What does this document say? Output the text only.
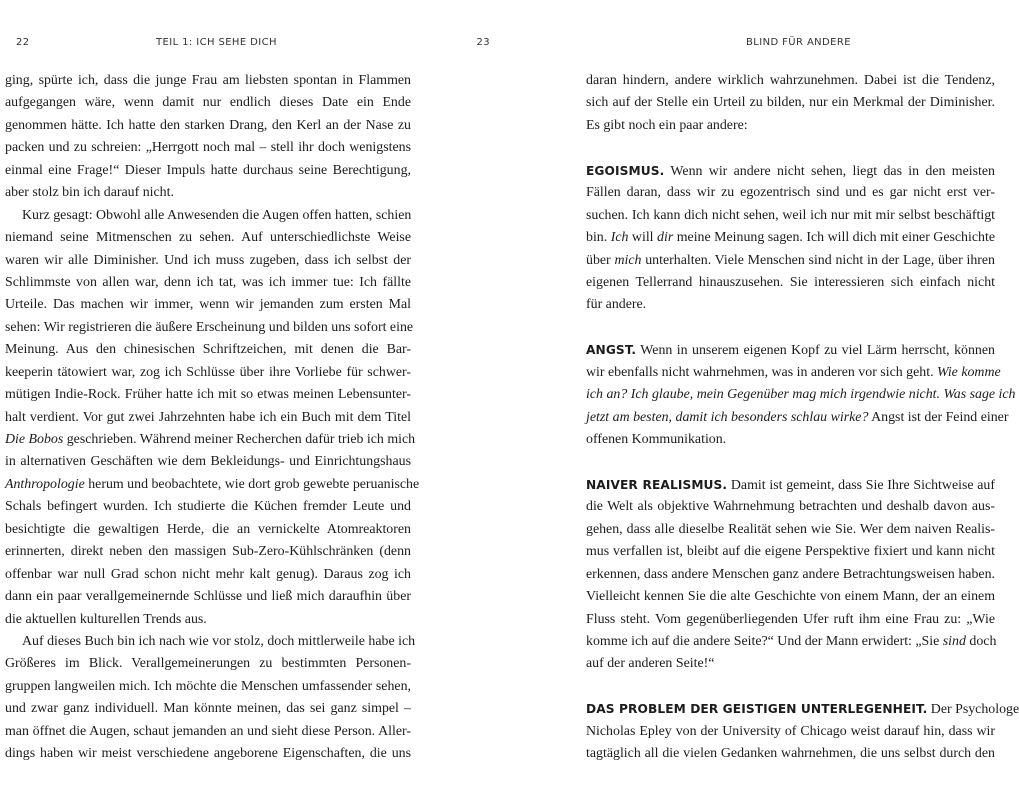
22	TEIL 1: ICH SEHE DICH
ging, spürte ich, dass die junge Frau am liebsten spontan in Flammen
aufgegangen wäre, wenn damit nur endlich dieses Date ein Ende
genommen hätte. Ich hatte den starken Drang, den Kerl an der Nase zu
packen und zu schreien: „Herrgott noch mal – stell ihr doch wenigstens
einmal eine Frage!“ Dieser Impuls hatte durchaus seine Berechtigung,
aber stolz bin ich darauf nicht.
Kurz gesagt: Obwohl alle Anwesenden die Augen offen hatten, schien
niemand seine Mitmenschen zu sehen. Auf unterschiedlichste Weise
waren wir alle Diminisher. Und ich muss zugeben, dass ich selbst der
Schlimmste von allen war, denn ich tat, was ich immer tue: Ich fällte
Urteile. Das machen wir immer, wenn wir jemanden zum ersten Mal
sehen: Wir registrieren die äußere Erscheinung und bilden uns sofort eine
Meinung. Aus den chinesischen Schriftzeichen, mit denen die Bar-
keeperin tätowiert war, zog ich Schlüsse über ihre Vorliebe für schwer-
mütigen Indie-Rock. Früher hatte ich mit so etwas meinen Lebensunter-
halt verdient. Vor gut zwei Jahrzehnten habe ich ein Buch mit dem Titel
Die Bobos geschrieben. Während meiner Recherchen dafür trieb ich mich
in alternativen Geschäften wie dem Bekleidungs- und Einrichtungshaus
Anthropologie herum und beobachtete, wie dort grob gewebte peruanische
Schals befingert wurden. Ich studierte die Küchen fremder Leute und
besichtigte die gewaltigen Herde, die an vernickelte Atomreaktoren
erinnerten, direkt neben den massigen Sub-Zero-Kühlschränken (denn
offenbar war null Grad schon nicht mehr kalt genug). Daraus zog ich
dann ein paar verallgemeinernde Schlüsse und ließ mich daraufhin über
die aktuellen kulturellen Trends aus.
Auf dieses Buch bin ich nach wie vor stolz, doch mittlerweile habe ich
Größeres im Blick. Verallgemeinerungen zu bestimmten Personen-
gruppen langweilen mich. Ich möchte die Menschen umfassender sehen,
und zwar ganz individuell. Man könnte meinen, das sei ganz simpel –
man öffnet die Augen, schaut jemanden an und sieht diese Person. Aller-
dings haben wir meist verschiedene angeborene Eigenschaften, die uns
BLIND FÜR ANDERE
23
daran hindern, andere wirklich wahrzunehmen. Dabei ist die Tendenz,
sich auf der Stelle ein Urteil zu bilden, nur ein Merkmal der Diminisher.
Es gibt noch ein paar andere:
EGOISMUS. Wenn wir andere nicht sehen, liegt das in den meisten
Fällen daran, dass wir zu egozentrisch sind und es gar nicht erst ver-
suchen. Ich kann dich nicht sehen, weil ich nur mit mir selbst beschäftigt
bin. Ich will dir meine Meinung sagen. Ich will dich mit einer Geschichte
über mich unterhalten. Viele Menschen sind nicht in der Lage, über ihren
eigenen Tellerrand hinauszusehen. Sie interessieren sich einfach nicht
für andere.
ANGST. Wenn in unserem eigenen Kopf zu viel Lärm herrscht, können
wir ebenfalls nicht wahrnehmen, was in anderen vor sich geht. Wie komme
ich an? Ich glaube, mein Gegenüber mag mich irgendwie nicht. Was sage ich
jetzt am besten, damit ich besonders schlau wirke? Angst ist der Feind einer
offenen Kommunikation.
NAIVER REALISMUS. Damit ist gemeint, dass Sie Ihre Sichtweise auf
die Welt als objektive Wahrnehmung betrachten und deshalb davon aus-
gehen, dass alle dieselbe Realität sehen wie Sie. Wer dem naiven Realis-
mus verfallen ist, bleibt auf die eigene Perspektive fixiert und kann nicht
erkennen, dass andere Menschen ganz andere Betrachtungsweisen haben.
Vielleicht kennen Sie die alte Geschichte von einem Mann, der an einem
Fluss steht. Vom gegenüberliegenden Ufer ruft ihm eine Frau zu: „Wie
komme ich auf die andere Seite?“ Und der Mann erwidert: „Sie sind doch
auf der anderen Seite!“
DAS PROBLEM DER GEISTIGEN UNTERLEGENHEIT. Der Psychologe
Nicholas Epley von der University of Chicago weist darauf hin, dass wir
tagtäglich all die vielen Gedanken wahrnehmen, die uns selbst durch den
